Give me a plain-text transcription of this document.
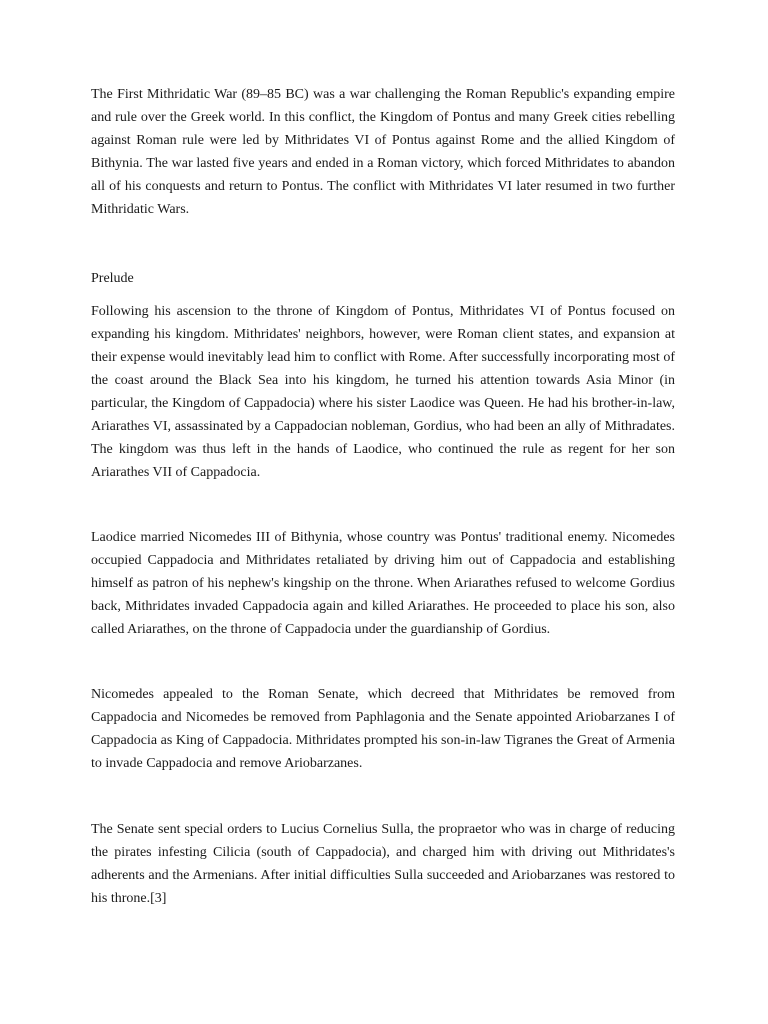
The First Mithridatic War (89–85 BC) was a war challenging the Roman Republic's expanding empire and rule over the Greek world. In this conflict, the Kingdom of Pontus and many Greek cities rebelling against Roman rule were led by Mithridates VI of Pontus against Rome and the allied Kingdom of Bithynia. The war lasted five years and ended in a Roman victory, which forced Mithridates to abandon all of his conquests and return to Pontus. The conflict with Mithridates VI later resumed in two further Mithridatic Wars.

Prelude

Following his ascension to the throne of Kingdom of Pontus, Mithridates VI of Pontus focused on expanding his kingdom. Mithridates' neighbors, however, were Roman client states, and expansion at their expense would inevitably lead him to conflict with Rome. After successfully incorporating most of the coast around the Black Sea into his kingdom, he turned his attention towards Asia Minor (in particular, the Kingdom of Cappadocia) where his sister Laodice was Queen. He had his brother-in-law, Ariarathes VI, assassinated by a Cappadocian nobleman, Gordius, who had been an ally of Mithradates. The kingdom was thus left in the hands of Laodice, who continued the rule as regent for her son Ariarathes VII of Cappadocia.

Laodice married Nicomedes III of Bithynia, whose country was Pontus' traditional enemy. Nicomedes occupied Cappadocia and Mithridates retaliated by driving him out of Cappadocia and establishing himself as patron of his nephew's kingship on the throne. When Ariarathes refused to welcome Gordius back, Mithridates invaded Cappadocia again and killed Ariarathes. He proceeded to place his son, also called Ariarathes, on the throne of Cappadocia under the guardianship of Gordius.

Nicomedes appealed to the Roman Senate, which decreed that Mithridates be removed from Cappadocia and Nicomedes be removed from Paphlagonia and the Senate appointed Ariobarzanes I of Cappadocia as King of Cappadocia. Mithridates prompted his son-in-law Tigranes the Great of Armenia to invade Cappadocia and remove Ariobarzanes.

The Senate sent special orders to Lucius Cornelius Sulla, the propraetor who was in charge of reducing the pirates infesting Cilicia (south of Cappadocia), and charged him with driving out Mithridates's adherents and the Armenians. After initial difficulties Sulla succeeded and Ariobarzanes was restored to his throne.[3]
